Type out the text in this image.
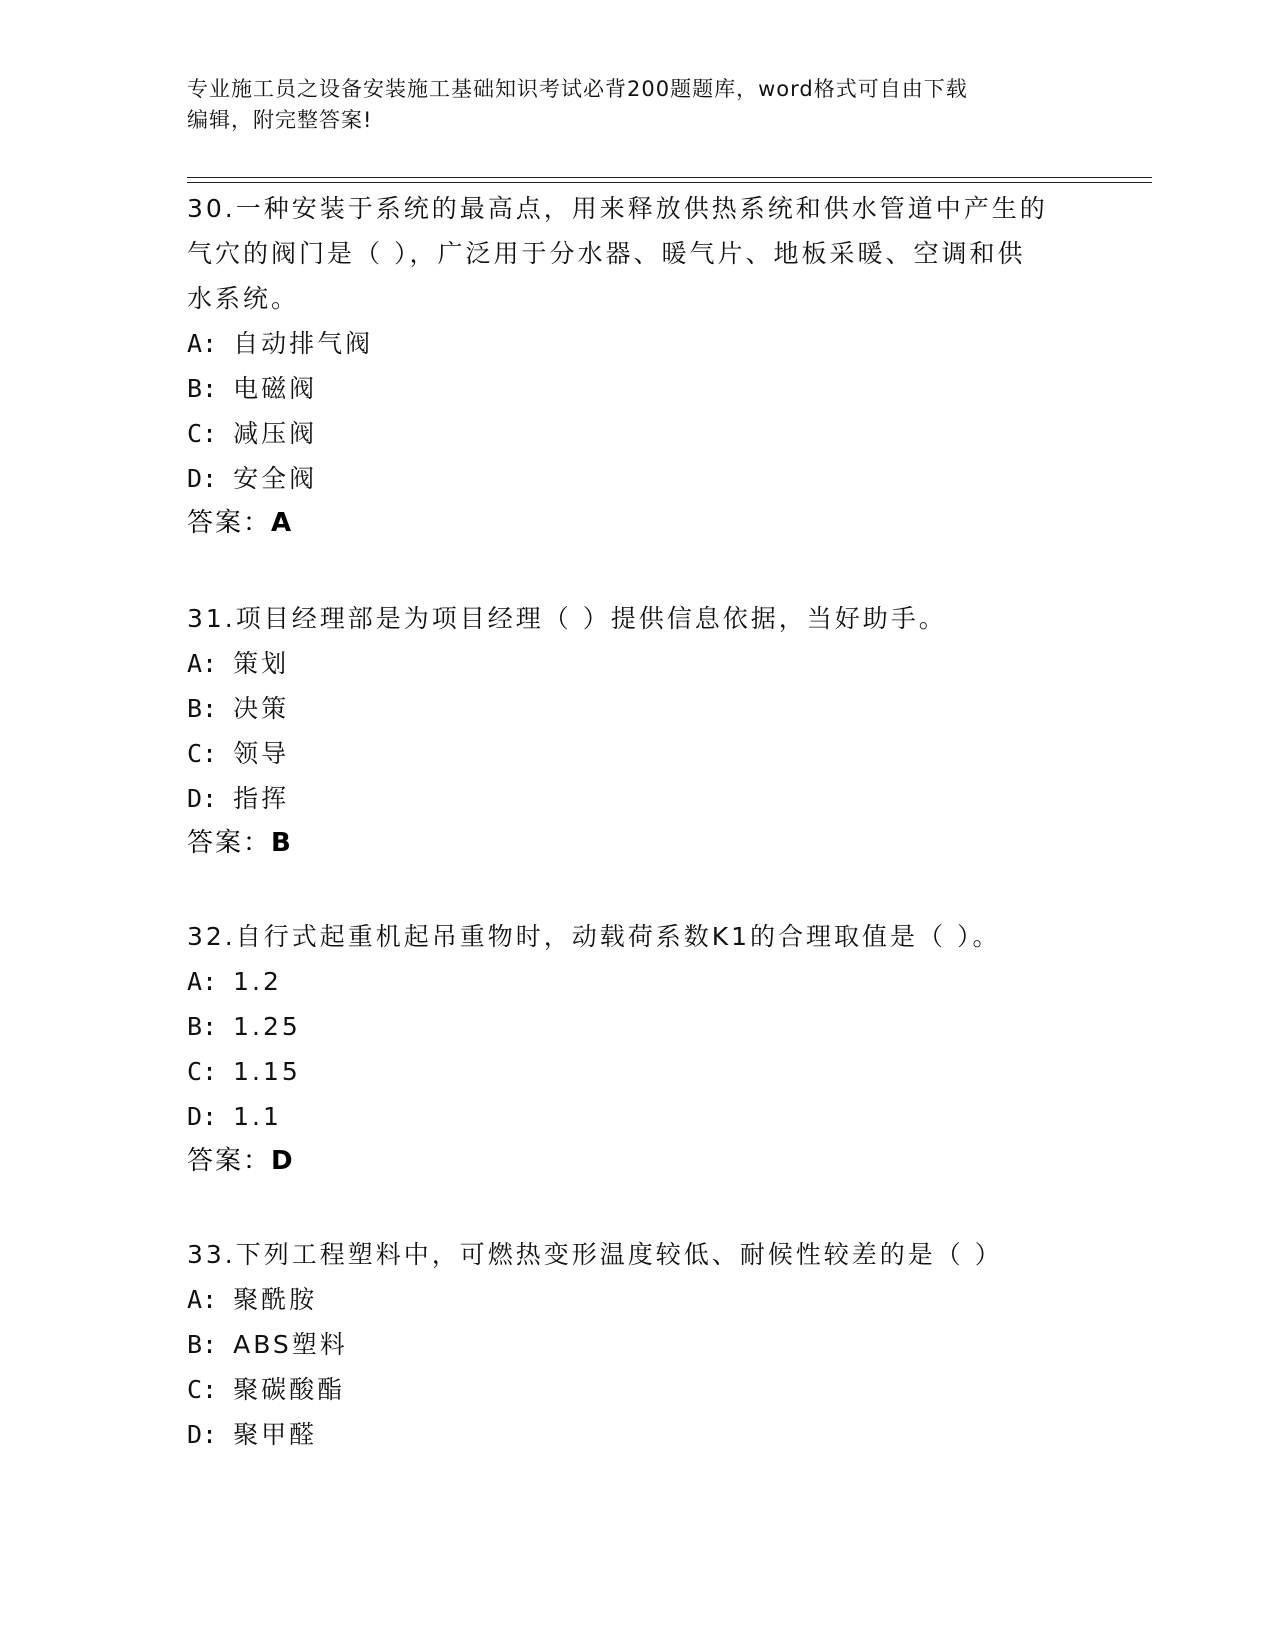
专业施工员之设备安装施工基础知识考试必背200题题库，word格式可自由下载
编辑，附完整答案!
30.一种安装于系统的最高点，用来释放供热系统和供水管道中产生的
气穴的阀门是（ ），广泛用于分水器、暖气片、地板采暖、空调和供
水系统。
A: 自动排气阀
B: 电磁阀
C: 减压阀
D: 安全阀
答案：A
31.项目经理部是为项目经理（ ）提供信息依据，当好助手。
A: 策划
B: 决策
C: 领导
D: 指挥
答案：B
32.自行式起重机起吊重物时，动载荷系数K1的合理取值是（ ）。
A: 1.2
B: 1.25
C: 1.15
D: 1.1
答案：D
33.下列工程塑料中，可燃热变形温度较低、耐候性较差的是（ ）
A: 聚酰胺
B: ABS塑料
C: 聚碳酸酯
D: 聚甲醛
